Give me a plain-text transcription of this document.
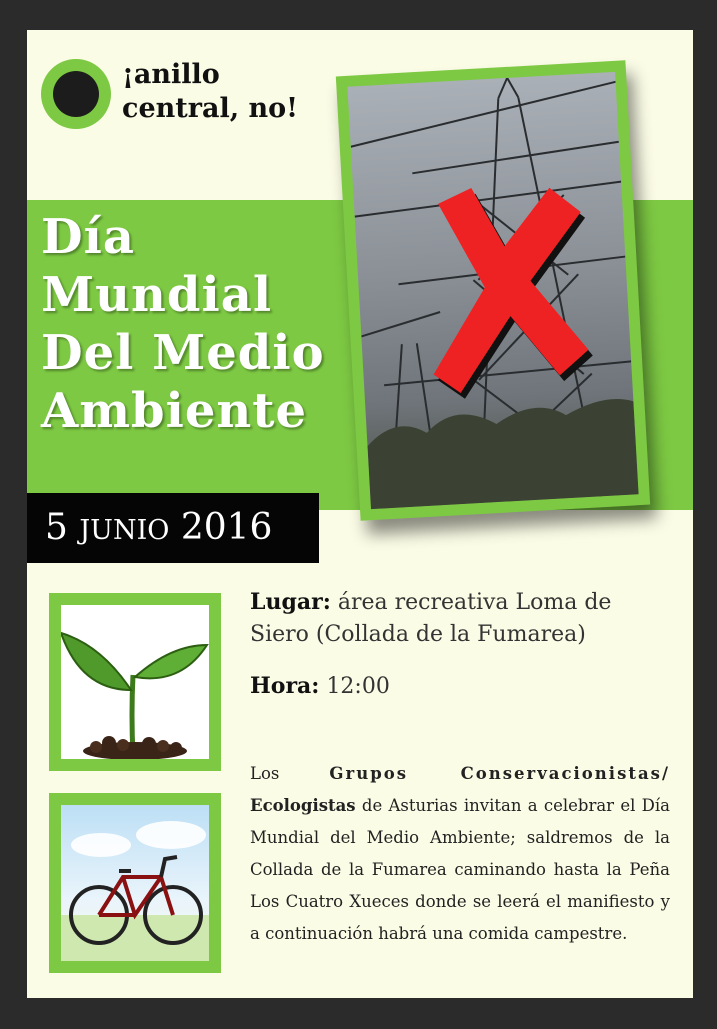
¡anillo
central, no!
Día
Mundial
Del Medio
Ambiente
5 JUNIO 2016
Lugar: área recreativa Loma de Siero (Collada de la Fumarea)
Hora: 12:00
Los Grupos Conservacionistas/ Ecologistas de Asturias invitan a celebrar el Día Mundial del Medio Ambiente; saldremos de la Collada de la Fumarea caminando hasta la Peña Los Cuatro Xueces donde se leerá el manifiesto y a continuación habrá una comida campestre.
